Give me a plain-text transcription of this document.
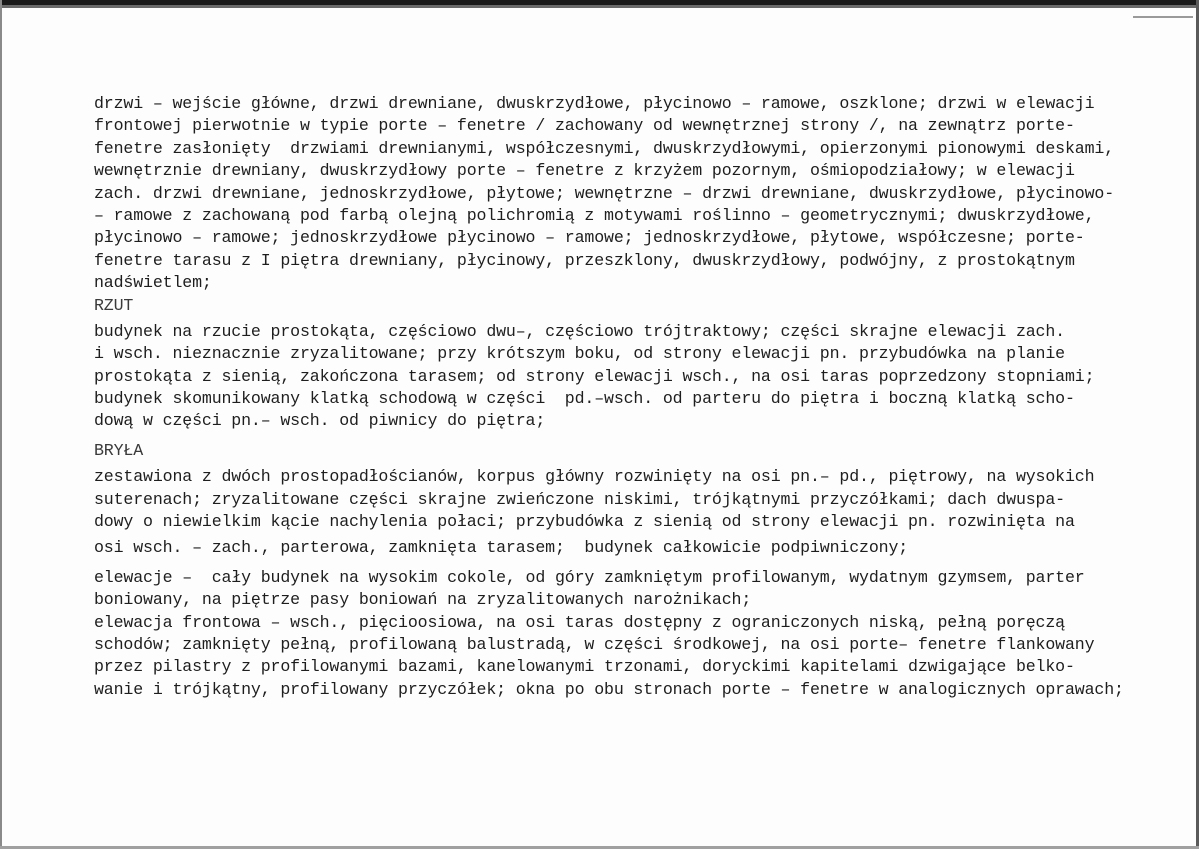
drzwi – wejście główne, drzwi drewniane, dwuskrzydłowe, płycinowo – ramowe, oszklone; drzwi w elewacji
frontowej pierwotnie w typie porte – fenetre / zachowany od wewnętrznej strony /, na zewnątrz porte-
fenetre zasłonięty  drzwiami drewnianymi, współczesnymi, dwuskrzydłowymi, opierzonymi pionowymi deskami,
wewnętrznie drewniany, dwuskrzydłowy porte – fenetre z krzyżem pozornym, ośmiopodziałowy; w elewacji
zach. drzwi drewniane, jednoskrzydłowe, płytowe; wewnętrzne – drzwi drewniane, dwuskrzydłowe, płycinowo-
– ramowe z zachowaną pod farbą olejną polichromią z motywami roślinno – geometrycznymi; dwuskrzydłowe,
płycinowo – ramowe; jednoskrzydłowe płycinowo – ramowe; jednoskrzydłowe, płytowe, współczesne; porte-
fenetre tarasu z I piętra drewniany, płycinowy, przeszklony, dwuskrzydłowy, podwójny, z prostokątnym
nadświetlem;
RZUT
budynek na rzucie prostokąta, częściowo dwu–, częściowo trójtraktowy; części skrajne elewacji zach.
i wsch. nieznacznie zryzalitowane; przy krótszym boku, od strony elewacji pn. przybudówka na planie
prostokąta z sienią, zakończona tarasem; od strony elewacji wsch., na osi taras poprzedzony stopniami;
budynek skomunikowany klatką schodową w części  pd.–wsch. od parteru do piętra i boczną klatką scho-
dową w części pn.– wsch. od piwnicy do piętra;
BRYŁA
zestawiona z dwóch prostopadłościanów, korpus główny rozwinięty na osi pn.– pd., piętrowy, na wysokich
suterenach; zryzalitowane części skrajne zwieńczone niskimi, trójkątnymi przyczółkami; dach dwuspa-
dowy o niewielkim kącie nachylenia połaci; przybudówka z sienią od strony elewacji pn. rozwinięta na
osi wsch. – zach., parterowa, zamknięta tarasem;  budynek całkowicie podpiwniczony;
elewacje –  cały budynek na wysokim cokole, od góry zamkniętym profilowanym, wydatnym gzymsem, parter
boniowany, na piętrze pasy boniowań na zryzalitowanych narożnikach;
elewacja frontowa – wsch., pięcioosiowa, na osi taras dostępny z ograniczonych niską, pełną poręczą
schodów; zamknięty pełną, profilowaną balustradą, w części środkowej, na osi porte– fenetre flankowany
przez pilastry z profilowanymi bazami, kanelowanymi trzonami, doryckimi kapitelami dzwigające belko-
wanie i trójkątny, profilowany przyczółek; okna po obu stronach porte – fenetre w analogicznych oprawach;
